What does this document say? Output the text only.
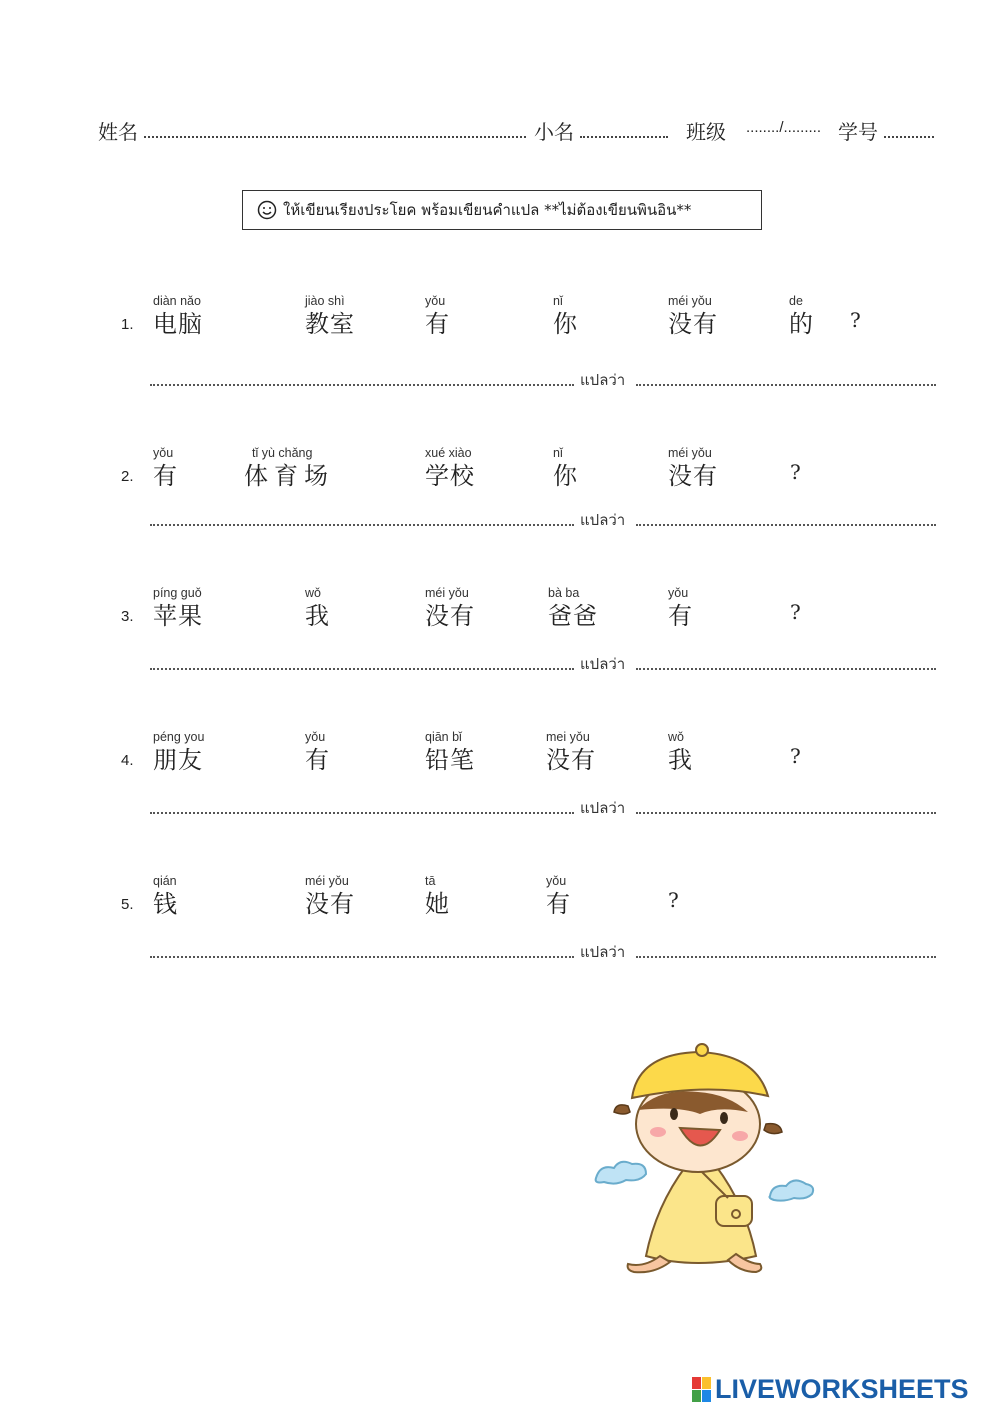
姓名	小名	班级 ......../......... 学号
ให้เขียนเรียงประโยค พร้อมเขียนคำแปล **ไม่ต้องเขียนพินอิน**
1.
diàn nǎo
电脑
jiào shì
教室
yǒu
有
nǐ
你
méi yǒu
没有
de
的 ?
แปลว่า
2.
yǒu
有
tǐ yù chǎng
体育场
xué xiào
学校
nǐ
你
méi yǒu
没有	?
แปลว่า
3.
píng guǒ
苹果
wǒ
我
méi yǒu
没有
bà ba
爸爸
yǒu
有	?
แปลว่า
4.
péng you
朋友
yǒu
有
qiān bǐ
铅笔
mei yǒu
没有
wǒ
我	?
แปลว่า
5.
qián
钱
méi yǒu
没有
tā
她
yǒu
有	?
แปลว่า
LIVEWORKSHEETS
